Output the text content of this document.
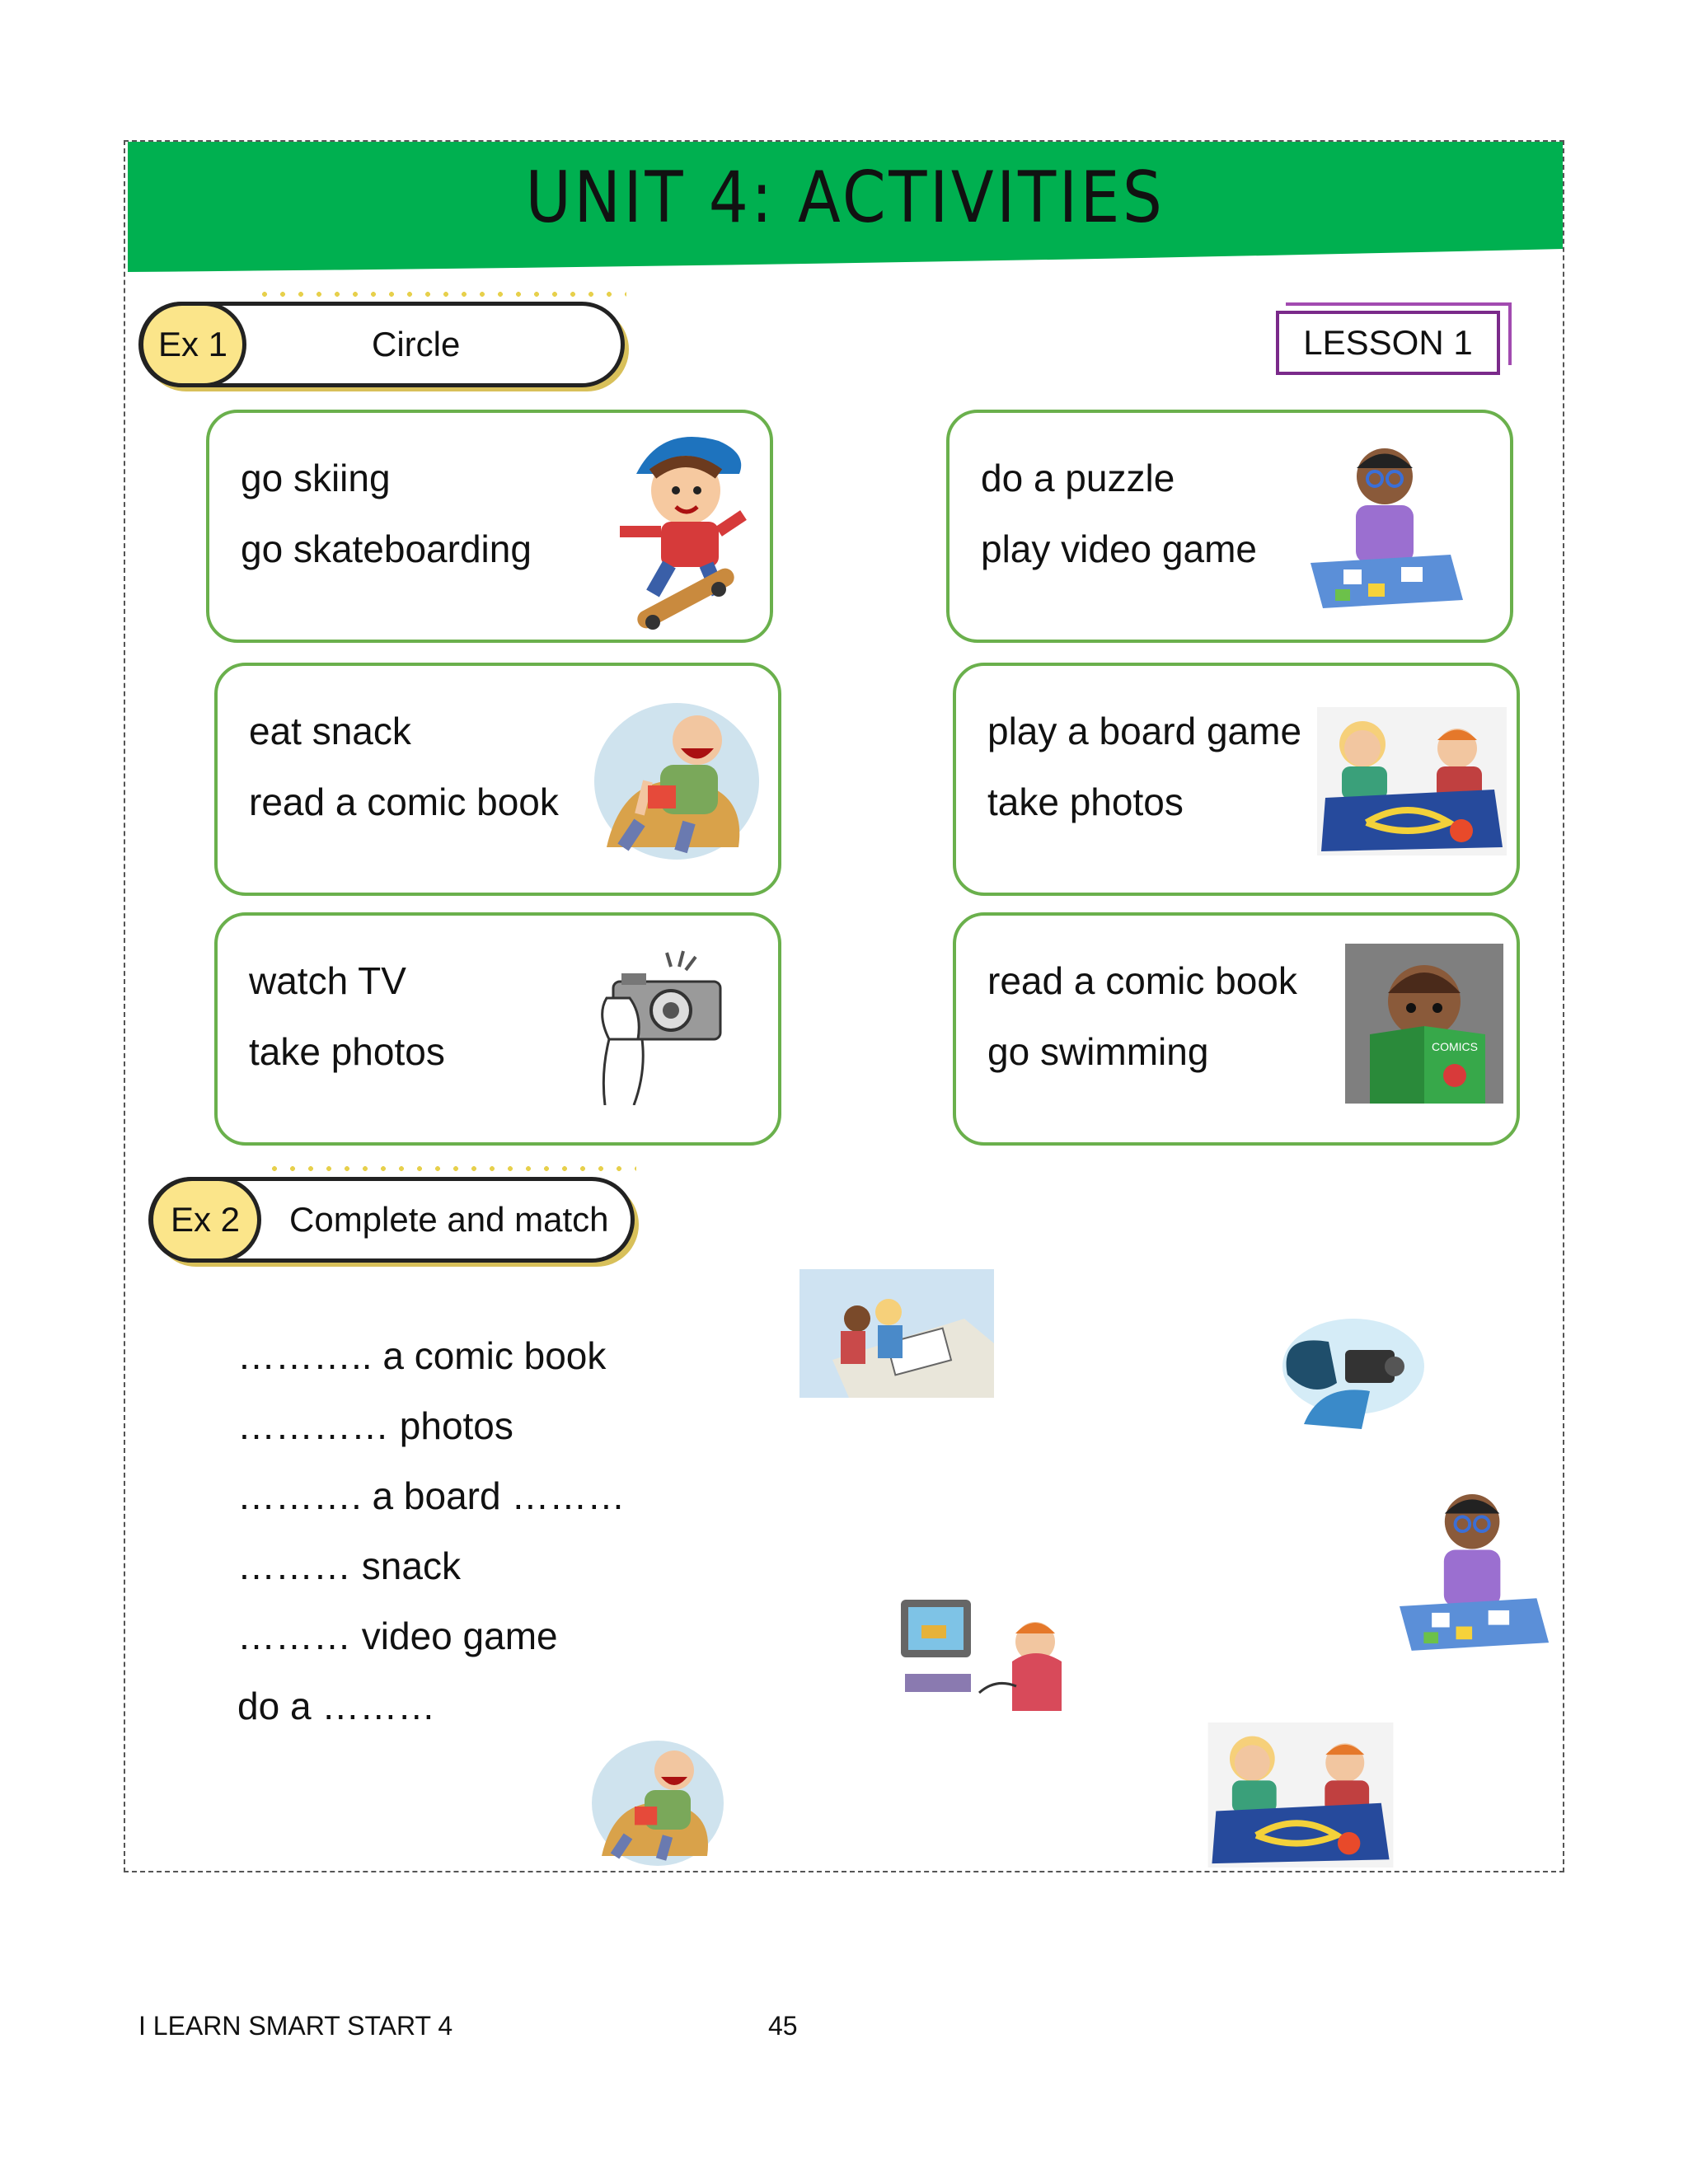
UNIT 4: ACTIVITIES
Ex 1	Circle	LESSON 1
go skiing
go skateboarding
do a puzzle
play video game
eat snack
read a comic book
play a board game
take photos
watch TV
take photos
read a comic book
go swimming	COMICS
Ex 2	Complete and match
……….. a comic book
………… photos
………. a board ………
……… snack
……… video game
do a ………
I LEARN SMART START 4	45
